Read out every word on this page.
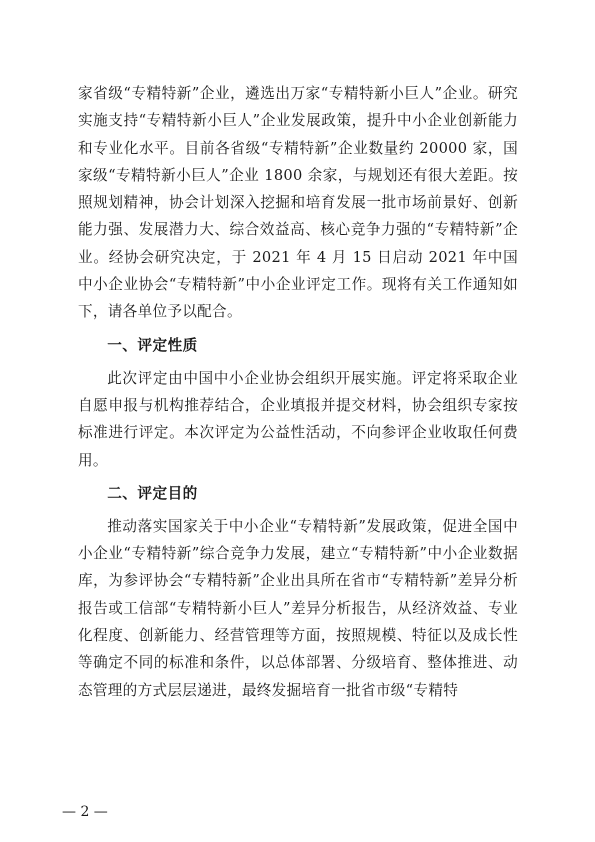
家省级“专精特新”企业，遴选出万家“专精特新小巨人”企业。研究实施支持“专精特新小巨人”企业发展政策，提升中小企业创新能力和专业化水平。目前各省级“专精特新”企业数量约 20000 家，国家级“专精特新小巨人”企业 1800 余家，与规划还有很大差距。按照规划精神，协会计划深入挖掘和培育发展一批市场前景好、创新能力强、发展潜力大、综合效益高、核心竞争力强的“专精特新”企业。经协会研究决定，于 2021 年 4 月 15 日启动 2021 年中国中小企业协会“专精特新”中小企业评定工作。现将有关工作通知如下，请各单位予以配合。

一、评定性质

此次评定由中国中小企业协会组织开展实施。评定将采取企业自愿申报与机构推荐结合，企业填报并提交材料，协会组织专家按标准进行评定。本次评定为公益性活动，不向参评企业收取任何费用。

二、评定目的

推动落实国家关于中小企业“专精特新”发展政策，促进全国中小企业“专精特新”综合竞争力发展，建立“专精特新”中小企业数据库，为参评协会“专精特新”企业出具所在省市“专精特新”差异分析报告或工信部“专精特新小巨人”差异分析报告，从经济效益、专业化程度、创新能力、经营管理等方面，按照规模、特征以及成长性等确定不同的标准和条件，以总体部署、分级培育、整体推进、动态管理的方式层层递进，最终发掘培育一批省市级“专精特

— 2 —
